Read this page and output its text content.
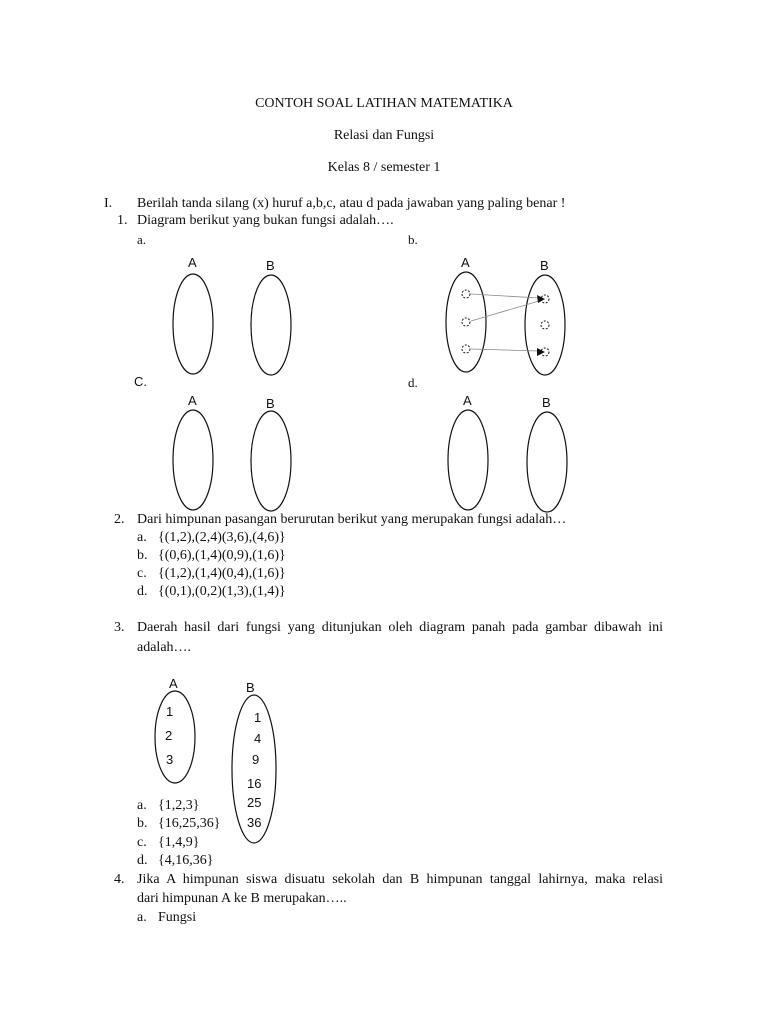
CONTOH SOAL LATIHAN MATEMATIKA
Relasi dan Fungsi
Kelas 8 / semester 1
I. Berilah tanda silang (x) huruf a,b,c, atau d pada jawaban yang paling benar !
1. Diagram berikut yang bukan fungsi adalah….
a.	b.
C.	d.
A	B	A	B
A	B	A	B
2. Dari himpunan pasangan berurutan berikut yang merupakan fungsi adalah…
a. {(1,2),(2,4)(3,6),(4,6)}
b. {(0,6),(1,4)(0,9),(1,6)}
c. {(1,2),(1,4)(0,4),(1,6)}
d. {(0,1),(0,2)(1,3),(1,4)}
3. Daerah hasil dari fungsi yang ditunjukan oleh diagram panah pada gambar dibawah ini
adalah….
A	B
1
2
3
1
4
9
16
25
36
a. {1,2,3}
b. {16,25,36}
c. {1,4,9}
d. {4,16,36}
4. Jika A himpunan siswa disuatu sekolah dan B himpunan tanggal lahirnya, maka relasi
dari himpunan A ke B merupakan…..
a. Fungsi
